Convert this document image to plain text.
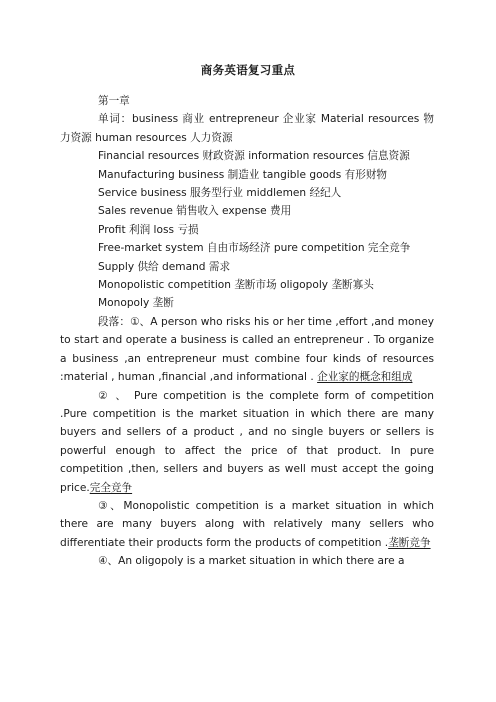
商务英语复习重点

第一章

单词：business 商业 entrepreneur 企业家 Material resources 物力资源 human resources 人力资源

Financial resources 财政资源 information resources 信息资源

Manufacturing business 制造业 tangible goods 有形财物

Service business 服务型行业 middlemen 经纪人

Sales revenue 销售收入 expense 费用

Profit 利润 loss 亏损

Free-market system 自由市场经济 pure competition 完全竞争

Supply 供给 demand 需求

Monopolistic competition 垄断市场 oligopoly 垄断寡头

Monopoly 垄断

段落：①、A person who risks his or her time ,effort ,and money to start and operate a business is called an entrepreneur . To organize a business ,an entrepreneur must combine four kinds of resources :material , human ,financial ,and informational . 企业家的概念和组成

② 、 Pure competition is the complete form of competition .Pure competition is the market situation in which there are many buyers and sellers of a product , and no single buyers or sellers is powerful enough to affect the price of that product. In pure competition ,then, sellers and buyers as well must accept the going price.完全竞争

③、Monopolistic competition is a market situation in which there are many buyers along with relatively many sellers who differentiate their products form the products of competition .垄断竞争

④、An oligopoly is a market situation in which there are a
